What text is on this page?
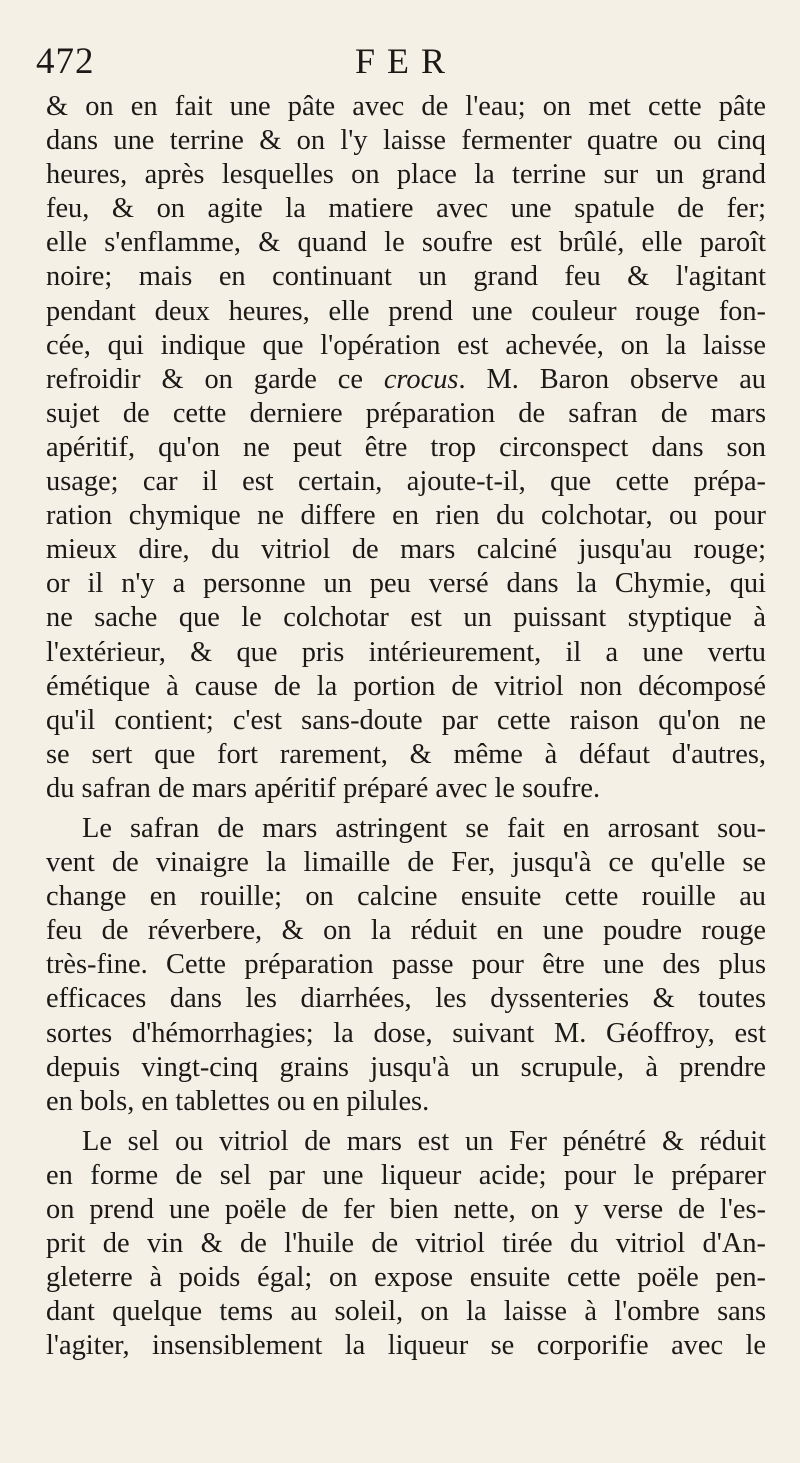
472	FER
& on en fait une pâte avec de l'eau; on met cette pâte
dans une terrine & on l'y laisse fermenter quatre ou cinq
heures, après lesquelles on place la terrine sur un grand
feu, & on agite la matiere avec une spatule de fer;
elle s'enflamme, & quand le soufre est brûlé, elle paroît
noire; mais en continuant un grand feu & l'agitant
pendant deux heures, elle prend une couleur rouge fon-
cée, qui indique que l'opération est achevée, on la laisse
refroidir & on garde ce crocus. M. Baron observe au
sujet de cette derniere préparation de safran de mars
apéritif, qu'on ne peut être trop circonspect dans son
usage; car il est certain, ajoute-t-il, que cette prépa-
ration chymique ne differe en rien du colchotar, ou pour
mieux dire, du vitriol de mars calciné jusqu'au rouge;
or il n'y a personne un peu versé dans la Chymie, qui
ne sache que le colchotar est un puissant styptique à
l'extérieur, & que pris intérieurement, il a une vertu
émétique à cause de la portion de vitriol non décomposé
qu'il contient; c'est sans-doute par cette raison qu'on ne
se sert que fort rarement, & même à défaut d'autres,
du safran de mars apéritif préparé avec le soufre.
Le safran de mars astringent se fait en arrosant sou-
vent de vinaigre la limaille de Fer, jusqu'à ce qu'elle se
change en rouille; on calcine ensuite cette rouille au
feu de réverbere, & on la réduit en une poudre rouge
très-fine. Cette préparation passe pour être une des plus
efficaces dans les diarrhées, les dyssenteries & toutes
sortes d'hémorrhagies; la dose, suivant M. Géoffroy, est
depuis vingt-cinq grains jusqu'à un scrupule, à prendre
en bols, en tablettes ou en pilules.
Le sel ou vitriol de mars est un Fer pénétré & réduit
en forme de sel par une liqueur acide; pour le préparer
on prend une poële de fer bien nette, on y verse de l'es-
prit de vin & de l'huile de vitriol tirée du vitriol d'An-
gleterre à poids égal; on expose ensuite cette poële pen-
dant quelque tems au soleil, on la laisse à l'ombre sans
l'agiter, insensiblement la liqueur se corporifie avec le
